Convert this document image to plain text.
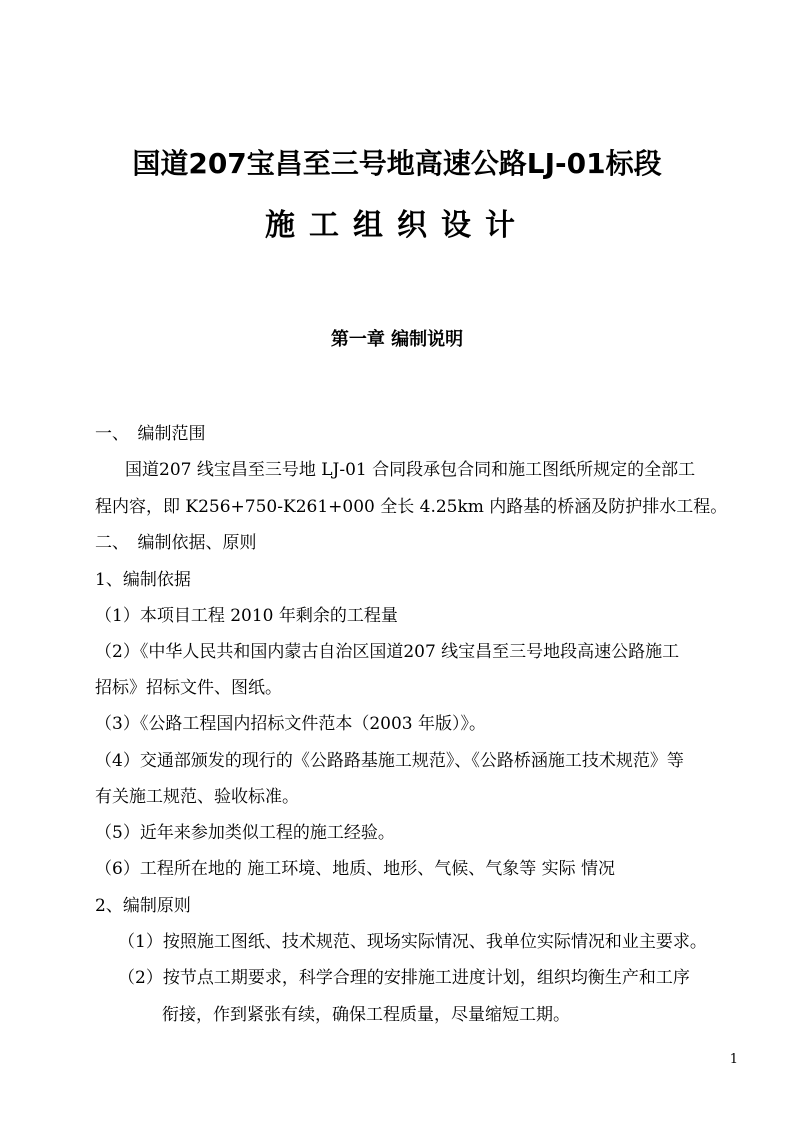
国道207宝昌至三号地高速公路LJ-01标段
施工组织设计
第一章 编制说明
一、　编制范围
国道207 线宝昌至三号地 LJ-01 合同段承包合同和施工图纸所规定的全部工
程内容，即 K256+750-K261+000 全长 4.25km 内路基的桥涵及防护排水工程。
二、　编制依据、原则
1、编制依据
（1）本项目工程 2010 年剩余的工程量
（2）《中华人民共和国内蒙古自治区国道207 线宝昌至三号地段高速公路施工
招标》招标文件、图纸。
（3）《公路工程国内招标文件范本（2003 年版）》。
（4）交通部颁发的现行的《公路路基施工规范》、《公路桥涵施工技术规范》等
有关施工规范、验收标准。
（5）近年来参加类似工程的施工经验。
（6）工程所在地的 施工环境、地质、地形、气候、气象等 实际 情况
2、编制原则
（1）按照施工图纸、技术规范、现场实际情况、我单位实际情况和业主要求。
（2）按节点工期要求，科学合理的安排施工进度计划，组织均衡生产和工序
衔接，作到紧张有续，确保工程质量，尽量缩短工期。
1
